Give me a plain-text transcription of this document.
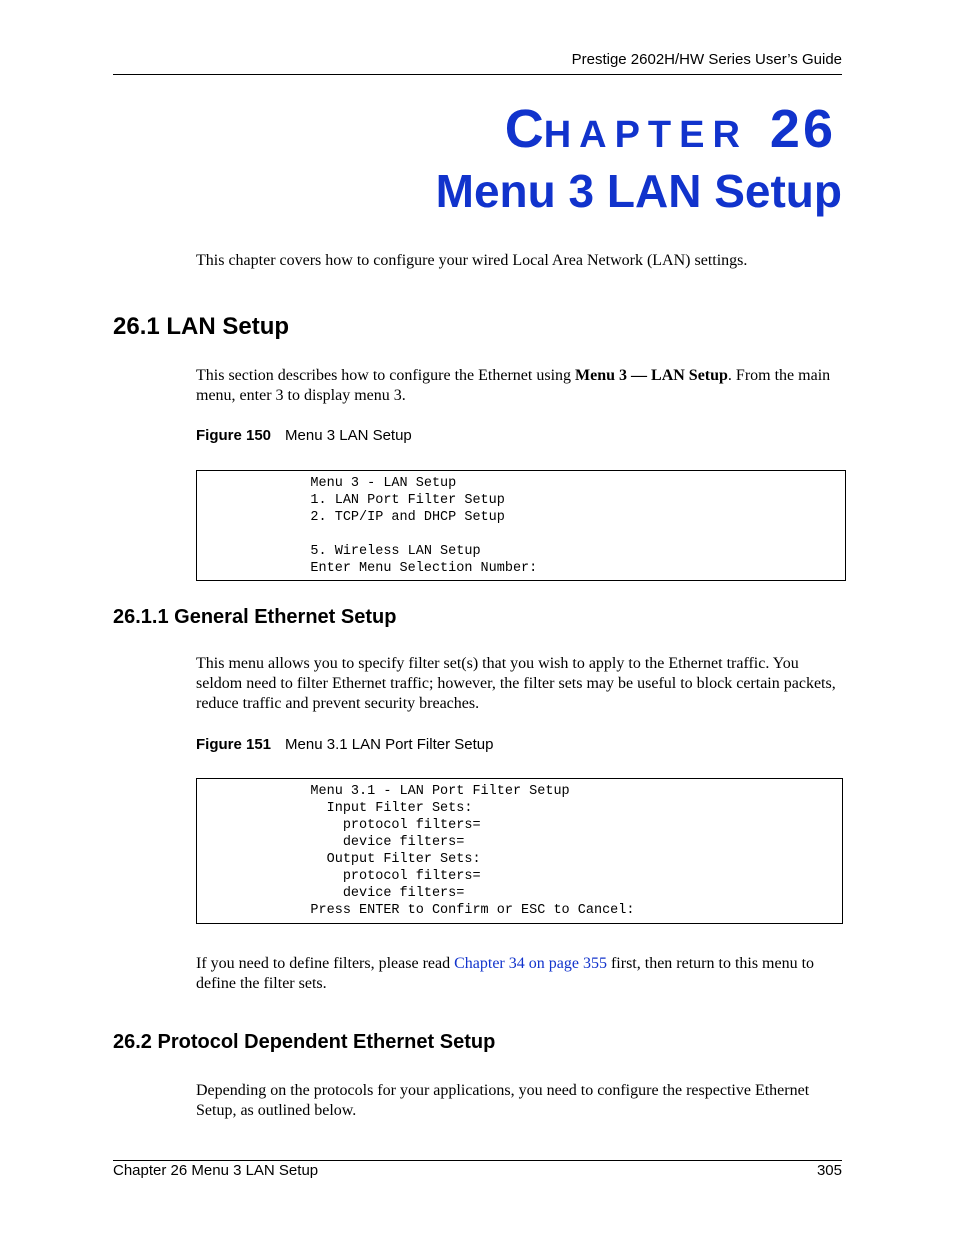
Prestige 2602H/HW Series User’s Guide
CHAPTER 26
Menu 3 LAN Setup
This chapter covers how to configure your wired Local Area Network (LAN) settings.
26.1 LAN Setup
This section describes how to configure the Ethernet using Menu 3 — LAN Setup. From the main menu, enter 3 to display menu 3.
Figure 150 Menu 3 LAN Setup
Menu 3 - LAN Setup
1. LAN Port Filter Setup
2. TCP/IP and DHCP Setup

5. Wireless LAN Setup
Enter Menu Selection Number:
26.1.1 General Ethernet Setup
This menu allows you to specify filter set(s) that you wish to apply to the Ethernet traffic. You seldom need to filter Ethernet traffic; however, the filter sets may be useful to block certain packets, reduce traffic and prevent security breaches.
Figure 151 Menu 3.1 LAN Port Filter Setup
Menu 3.1 - LAN Port Filter Setup
Input Filter Sets:
protocol filters=
device filters=
Output Filter Sets:
protocol filters=
device filters=
Press ENTER to Confirm or ESC to Cancel:
If you need to define filters, please read Chapter 34 on page 355 first, then return to this menu to define the filter sets.
26.2 Protocol Dependent Ethernet Setup
Depending on the protocols for your applications, you need to configure the respective Ethernet Setup, as outlined below.
Chapter 26 Menu 3 LAN Setup	305
